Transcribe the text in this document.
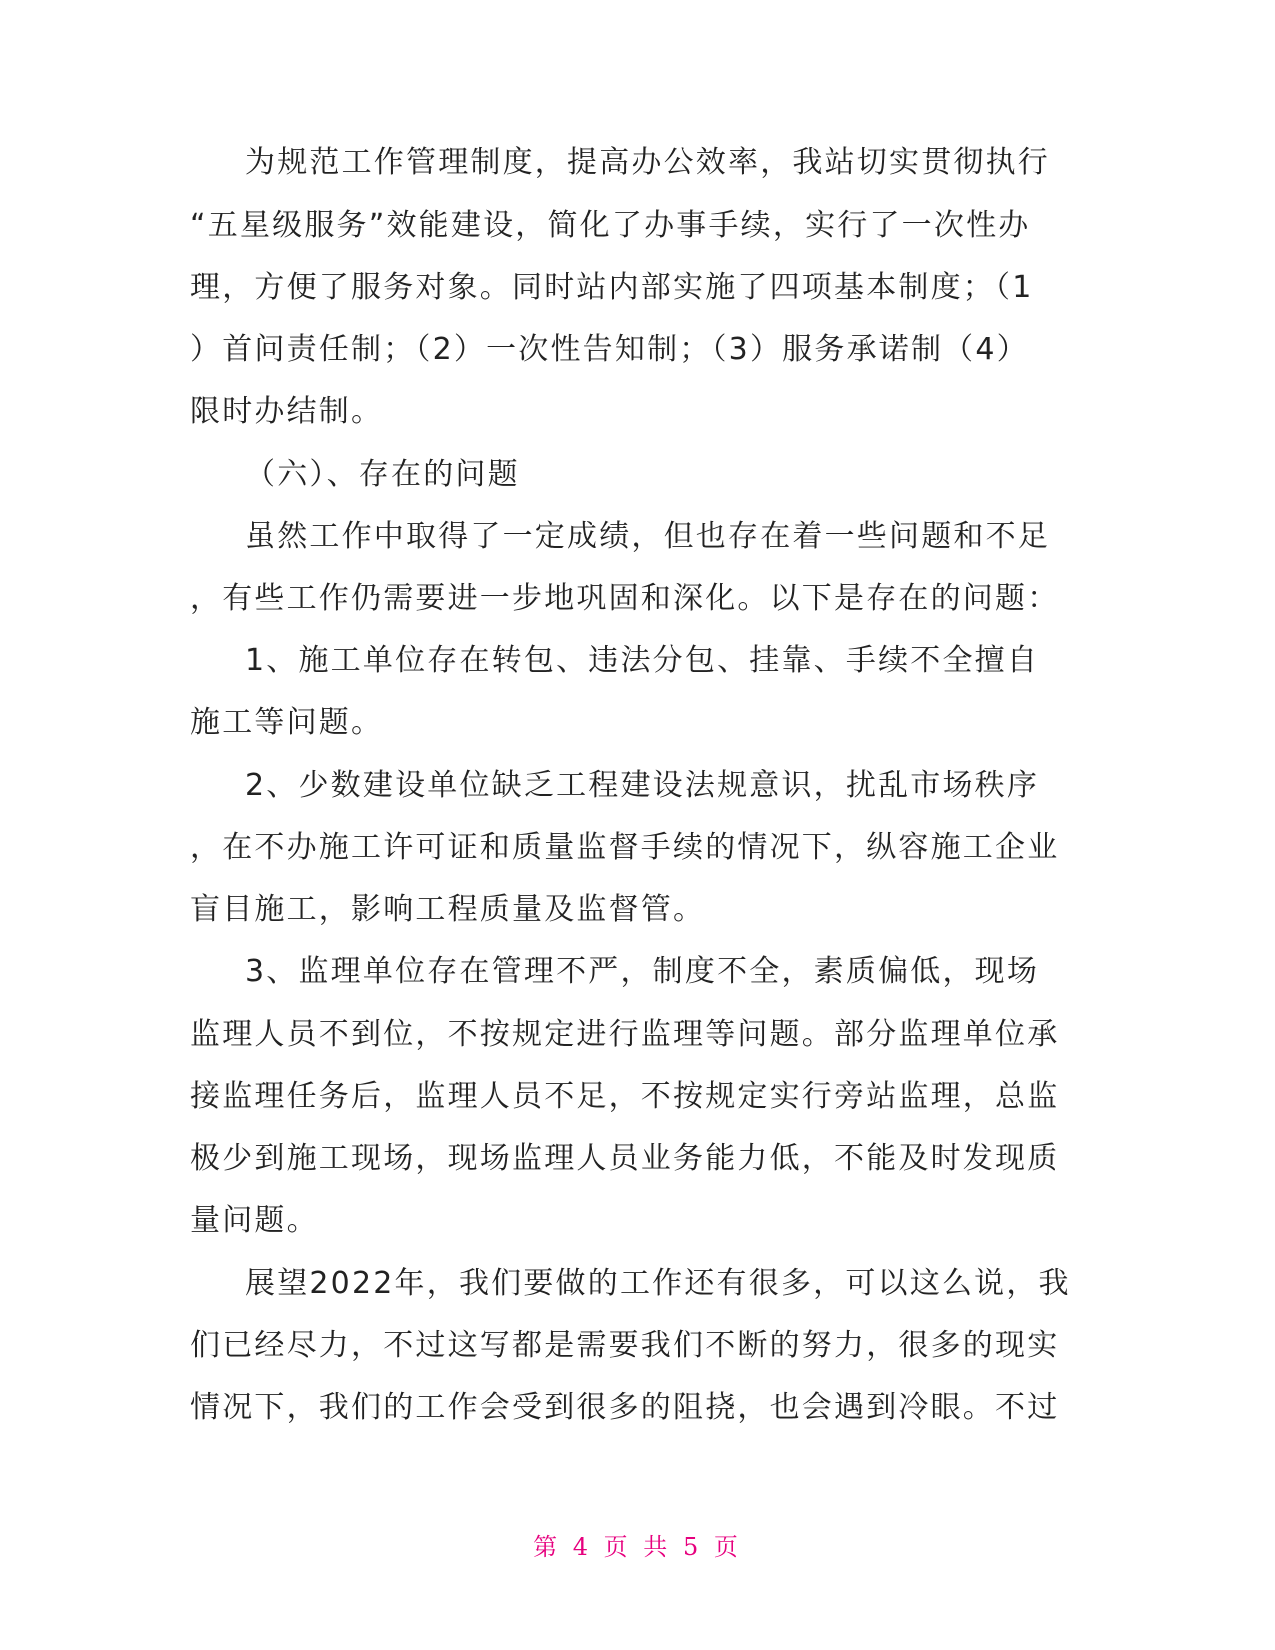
为规范工作管理制度，提高办公效率，我站切实贯彻执行
“五星级服务”效能建设，简化了办事手续，实行了一次性办
理，方便了服务对象。同时站内部实施了四项基本制度；（1
）首问责任制；（2）一次性告知制；（3）服务承诺制（4）
限时办结制。
（六）、存在的问题
虽然工作中取得了一定成绩，但也存在着一些问题和不足
，有些工作仍需要进一步地巩固和深化。以下是存在的问题：
1、施工单位存在转包、违法分包、挂靠、手续不全擅自
施工等问题。
2、少数建设单位缺乏工程建设法规意识，扰乱市场秩序
，在不办施工许可证和质量监督手续的情况下，纵容施工企业
盲目施工，影响工程质量及监督管。
3、监理单位存在管理不严，制度不全，素质偏低，现场
监理人员不到位，不按规定进行监理等问题。部分监理单位承
接监理任务后，监理人员不足，不按规定实行旁站监理，总监
极少到施工现场，现场监理人员业务能力低，不能及时发现质
量问题。
展望2022年，我们要做的工作还有很多，可以这么说，我
们已经尽力，不过这写都是需要我们不断的努力，很多的现实
情况下，我们的工作会受到很多的阻挠，也会遇到冷眼。不过
第 4 页 共 5 页
